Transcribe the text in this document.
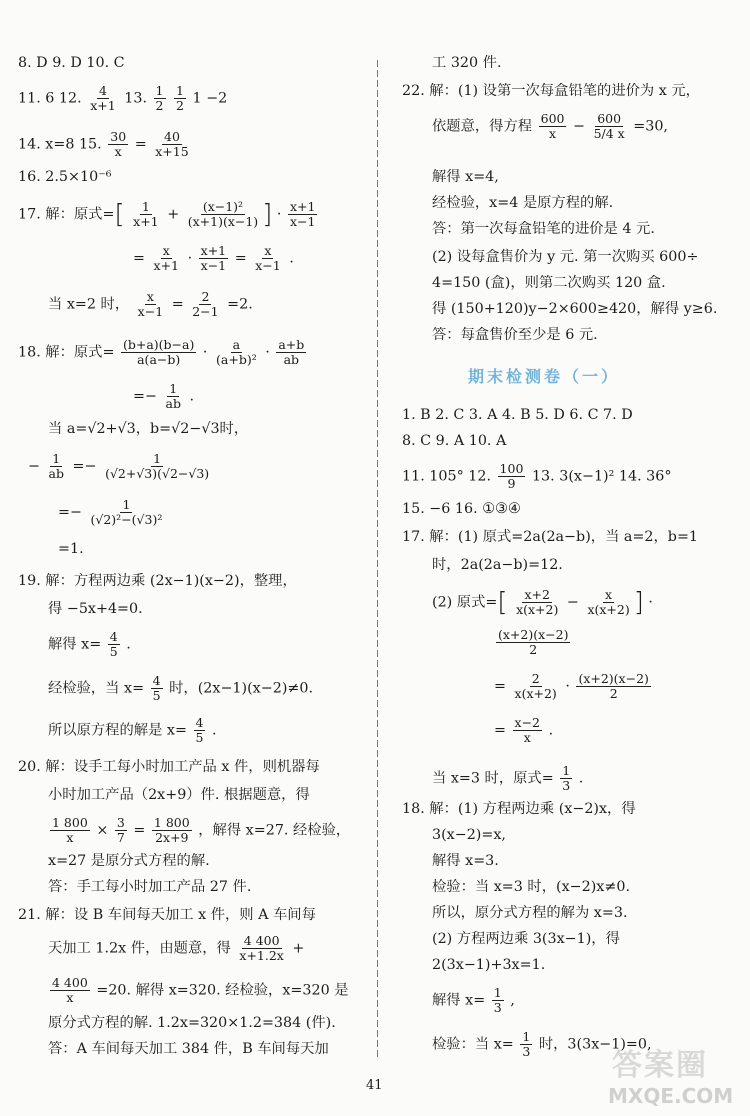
8. D 9. D 10. C
11. 6 12. $\frac{4}{x+1} 13$. $\frac{1}{2}$
$\frac{1}{2} 1 -2$
14. x=8 15. $\frac{30}{x} = \frac{40}{x+15}$
16. 2.5×10⁻⁶
17. 解：原式=[ $\frac{1}{x+1} + \frac{\text{(x−1)²}}{(x+1)(x-1)}$ ] · $\frac{x+1}{x-1}$
= $\frac{x}{x+1} \cdot \frac{x+1}{x-1} = \frac{x}{x-1}$ .
当 x=2 时， $\frac{x}{x-1} = \frac{2}{2-1} =2$.
18. 解：原式= $\frac{(b+a)(b-a)}{a(a-b)} \cdot \frac{a}{\text{(a+b)²}} \cdot \frac{a+b}{ab}$
=− $\frac{1}{ab}$ .
当 a=√2+√3，b=√2−√3时，
− $\frac{1}{ab} =- \frac{1}{(√2+√3)(√2-√3)}$
=− $\frac{1}{\text{(√2)²−(√3)²}}$
=1.
19. 解：方程两边乘 (2x−1)(x−2)，整理，
得 −5x+4=0.
解得 $x= \frac{4}{5}$ .
经检验，当 $x= \frac{4}{5}$ 时，(2x−1)(x−2)≠0.
所以原方程的解是 $x= \frac{4}{5}$ .
20. 解：设手工每小时加工产品 x 件，则机器每
小时加工产品（2x+9）件. 根据题意，得
$\frac{1 800}{x} \times \frac{3}{7} = \frac{1 800}{2x+9}$ ，解得 x=27. 经检验，
x=27 是原分式方程的解.
答：手工每小时加工产品 27 件.
21. 解：设 B 车间每天加工 x 件，则 A 车间每
天加工 1.2x 件，由题意，得 $\frac{4 400}{x+1.2x}$ +
$\frac{4 400}{x} =20$. 解得 x=320. 经检验，x=320 是
原分式方程的解. 1.2x=320×1.2=384 (件).
答：A 车间每天加工 384 件，B 车间每天加
工 320 件.
22. 解：(1) 设第一次每盒铅笔的进价为 x 元，
依题意，得方程 $\frac{600}{x} - \frac{600}{5/4 x} =30$,
解得 x=4,
经检验，x=4 是原方程的解.
答：第一次每盒铅笔的进价是 4 元.
(2) 设每盒售价为 y 元. 第一次购买 600÷
4=150 (盒)，则第二次购买 120 盒.
得 (150+120)y−2×600≥420，解得 y≥6.
答：每盒售价至少是 6 元.
1. B 2. C 3. A 4. B 5. D 6. C 7. D
8. C 9. A 10. A
11. 105° 12. $\frac{100}{9} 13$. 3(x−1)² 14. 36°
15. −6 16. ①③④
17. 解：(1) 原式=2a(2a−b)，当 a=2，b=1
时，2a(2a−b)=12.
(2) 原式=[ $\frac{x+2}{x(x+2)} - \frac{x}{x(x+2)}$ ] ·
$\frac{(x+2)(x-2)}{2}$
= $\frac{2}{x(x+2)} \cdot \frac{(x+2)(x-2)}{2}$
= $\frac{x-2}{x}$ .
当 x=3 时，原式= $\frac{1}{3}$ .
18. 解：(1) 方程两边乘 (x−2)x，得
3(x−2)=x,
解得 x=3.
检验：当 x=3 时，(x−2)x≠0.
所以，原分式方程的解为 x=3.
(2) 方程两边乘 3(3x−1)，得
2(3x−1)+3x=1.
解得 $x= \frac{1}{3}$ ,
检验：当 $x= \frac{1}{3}$ 时，3(3x−1)=0,
期末检测卷（一）
41
答案圈
MXQE.COM
